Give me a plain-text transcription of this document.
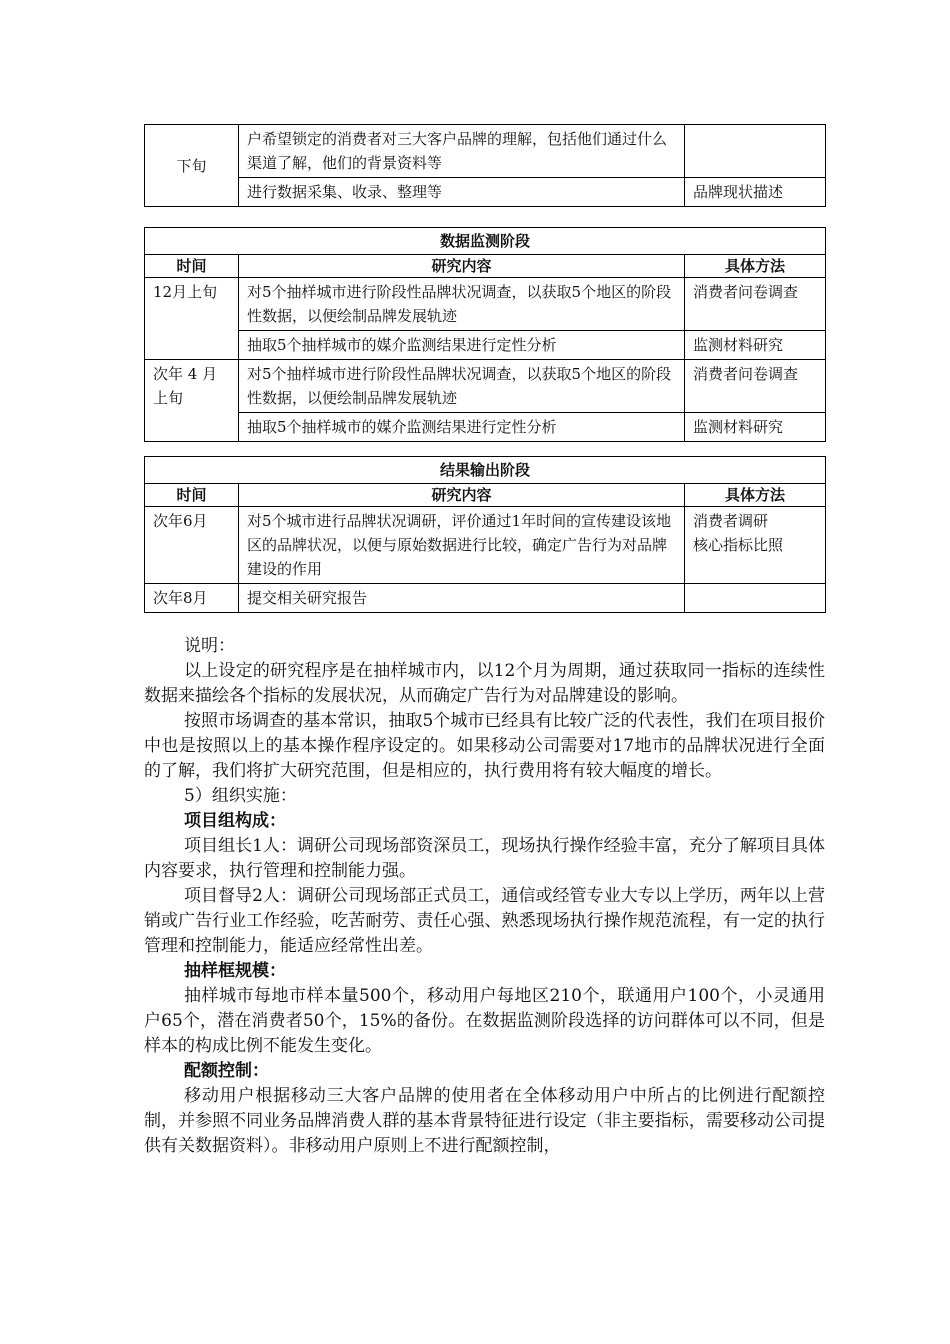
下旬	户希望锁定的消费者对三大客户品牌的理解，包括他们通过什么渠道了解，他们的背景资料等	
	进行数据采集、收录、整理等	品牌现状描述
数据监测阶段		
时间	研究内容	具体方法
12月上旬	对5个抽样城市进行阶段性品牌状况调查，以获取5个地区的阶段性数据，以便绘制品牌发展轨迹	消费者问卷调查
	抽取5个抽样城市的媒介监测结果进行定性分析	监测材料研究
次年 4 月上旬	对5个抽样城市进行阶段性品牌状况调查，以获取5个地区的阶段性数据，以便绘制品牌发展轨迹	消费者问卷调查
	抽取5个抽样城市的媒介监测结果进行定性分析	监测材料研究
结果输出阶段		
时间	研究内容	具体方法
次年6月	对5个城市进行品牌状况调研，评价通过1年时间的宣传建设该地区的品牌状况，以便与原始数据进行比较，确定广告行为对品牌建设的作用	消费者调研
核心指标比照

次年8月	提交相关研究报告	

说明：

以上设定的研究程序是在抽样城市内，以12个月为周期，通过获取同一指标的连续性数据来描绘各个指标的发展状况，从而确定广告行为对品牌建设的影响。

按照市场调查的基本常识，抽取5个城市已经具有比较广泛的代表性，我们在项目报价中也是按照以上的基本操作程序设定的。如果移动公司需要对17地市的品牌状况进行全面的了解，我们将扩大研究范围，但是相应的，执行费用将有较大幅度的增长。

5）组织实施：

项目组构成：

项目组长1人：调研公司现场部资深员工，现场执行操作经验丰富，充分了解项目具体内容要求，执行管理和控制能力强。

项目督导2人：调研公司现场部正式员工，通信或经管专业大专以上学历，两年以上营销或广告行业工作经验，吃苦耐劳、责任心强、熟悉现场执行操作规范流程，有一定的执行管理和控制能力，能适应经常性出差。

抽样框规模：

抽样城市每地市样本量500个，移动用户每地区210个，联通用户100个，小灵通用户65个，潜在消费者50个，15%的备份。在数据监测阶段选择的访问群体可以不同，但是样本的构成比例不能发生变化。

配额控制：

移动用户根据移动三大客户品牌的使用者在全体移动用户中所占的比例进行配额控制，并参照不同业务品牌消费人群的基本背景特征进行设定（非主要指标，需要移动公司提供有关数据资料）。非移动用户原则上不进行配额控制，
